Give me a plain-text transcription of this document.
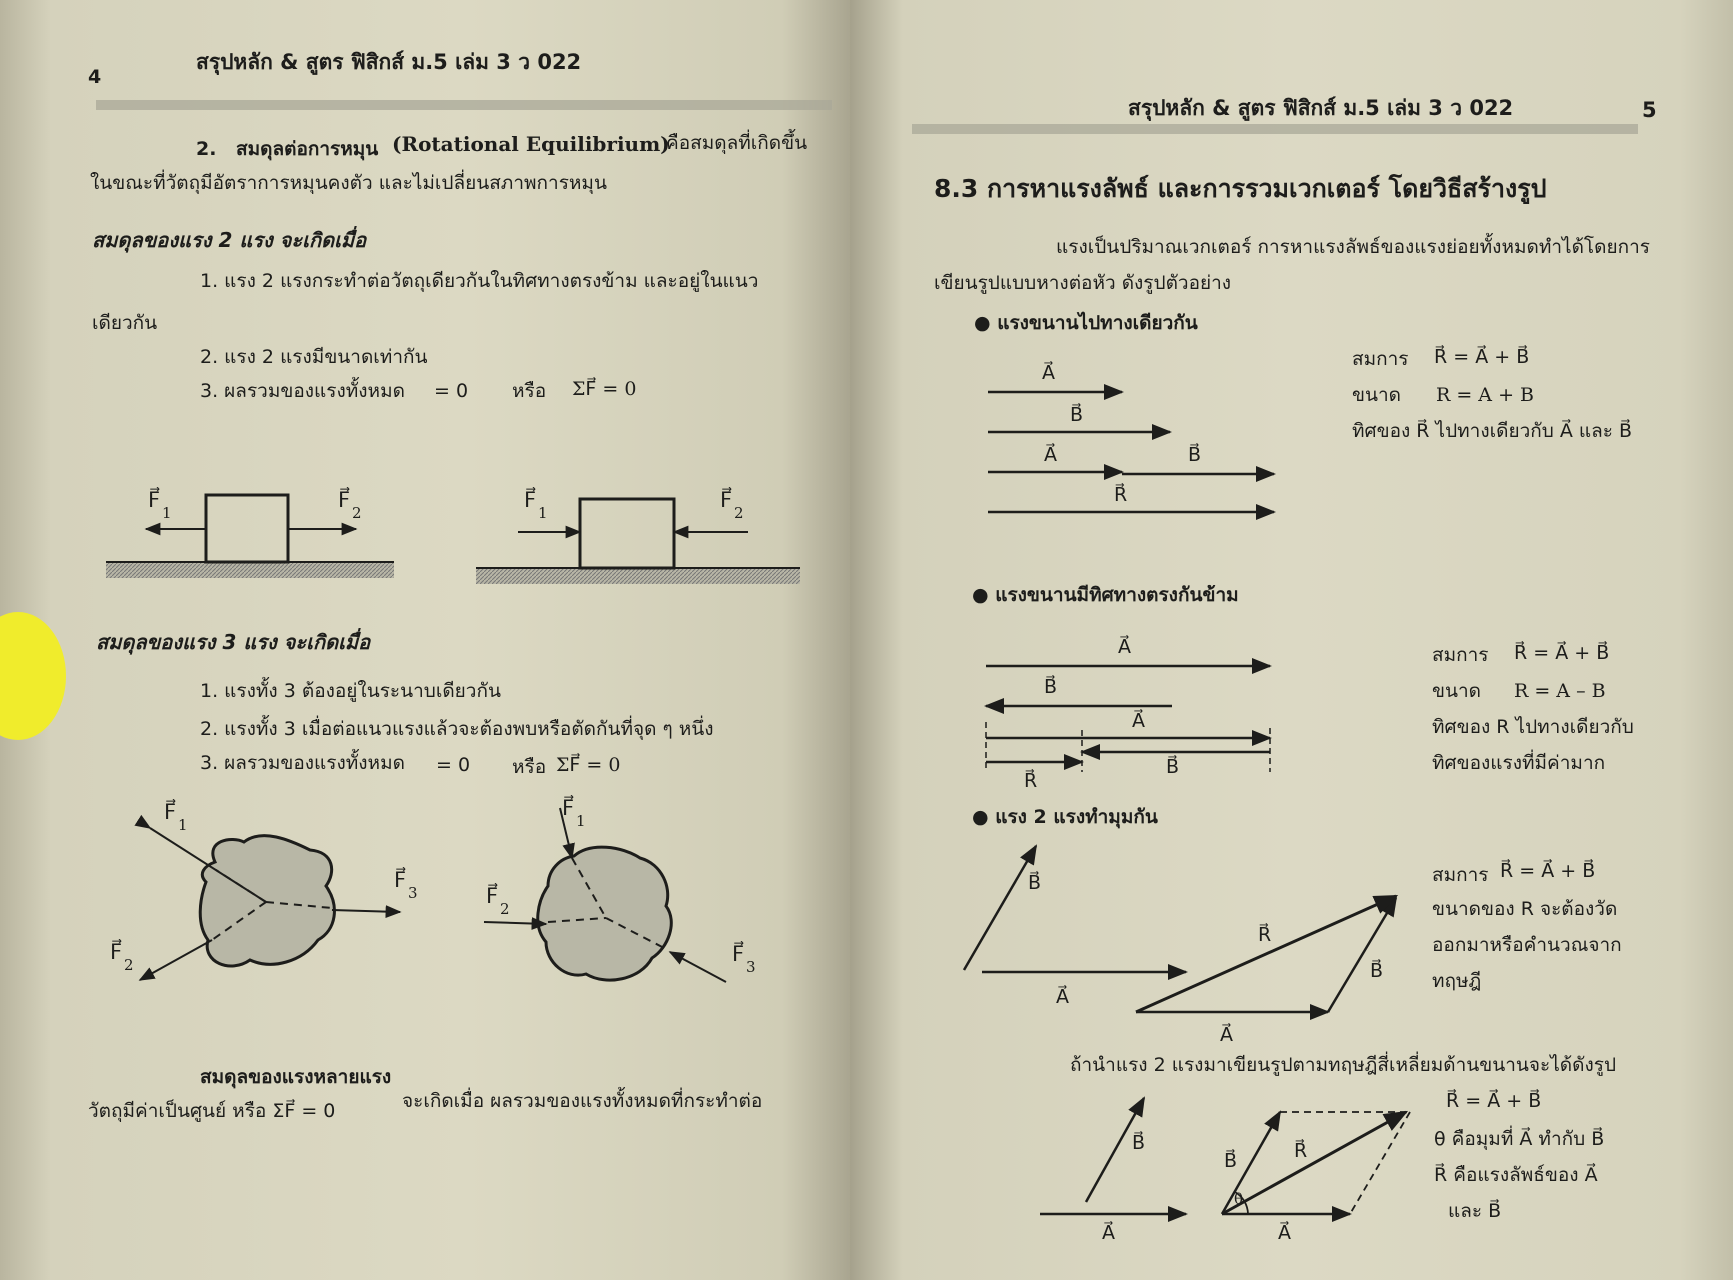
4
สรุปหลัก & สูตร ฟิสิกส์ ม.5 เล่ม 3 ว 022
2. สมดุลต่อการหมุน (Rotational Equilibrium)
คือสมดุลที่เกิดขึ้น
ในขณะที่วัตถุมีอัตราการหมุนคงตัว และไม่เปลี่ยนสภาพการหมุน
สมดุลของแรง 2 แรง จะเกิดเมื่อ
1. แรง 2 แรงกระทำต่อวัตถุเดียวกันในทิศทางตรงข้าม และอยู่ในแนว
เดียวกัน
2. แรง 2 แรงมีขนาดเท่ากัน
3. ผลรวมของแรงทั้งหมด = 0 หรือ ΣF⃗ = 0
F⃗
1
F⃗
2
F⃗
1
F⃗
2
สมดุลของแรง 3 แรง จะเกิดเมื่อ
1. แรงทั้ง 3 ต้องอยู่ในระนาบเดียวกัน
2. แรงทั้ง 3 เมื่อต่อแนวแรงแล้วจะต้องพบหรือตัดกันที่จุด ๆ หนึ่ง
3. ผลรวมของแรงทั้งหมด = 0 หรือ ΣF⃗ = 0
F⃗
1
F⃗
3
F⃗
2
F⃗
1
F⃗
2
F⃗
3
สมดุลของแรงหลายแรง
จะเกิดเมื่อ ผลรวมของแรงทั้งหมดที่กระทำต่อ
วัตถุมีค่าเป็นศูนย์ หรือ ΣF⃗ = 0
สรุปหลัก & สูตร ฟิสิกส์ ม.5 เล่ม 3 ว 022	5
8.3 การหาแรงลัพธ์ และการรวมเวกเตอร์ โดยวิธีสร้างรูป
แรงเป็นปริมาณเวกเตอร์ การหาแรงลัพธ์ของแรงย่อยทั้งหมดทำได้โดยการ
เขียนรูปแบบหางต่อหัว ดังรูปตัวอย่าง
● แรงขนานไปทางเดียวกัน
สมการ R⃗ = A⃗ + B⃗
ขนาด R = A + B
ทิศของ R⃗ ไปทางเดียวกับ A⃗ และ B⃗
A⃗
B⃗
A⃗	B⃗
R⃗
● แรงขนานมีทิศทางตรงกันข้าม
สมการ R⃗ = A⃗ + B⃗
ขนาด R = A – B
ทิศของ R ไปทางเดียวกับ
ทิศของแรงที่มีค่ามาก
A⃗
B⃗
A⃗
B⃗
R⃗
● แรง 2 แรงทำมุมกัน
สมการ R⃗ = A⃗ + B⃗
ขนาดของ R จะต้องวัด
ออกมาหรือคำนวณจาก
ทฤษฎี
B⃗
A⃗
R⃗
B⃗
A⃗
ถ้านำแรง 2 แรงมาเขียนรูปตามทฤษฎีสี่เหลี่ยมด้านขนานจะได้ดังรูป
R⃗ = A⃗ + B⃗
θ คือมุมที่ A⃗ ทำกับ B⃗
R⃗ คือแรงลัพธ์ของ A⃗
และ B⃗
B⃗
A⃗
B⃗	R⃗
A⃗
θ
